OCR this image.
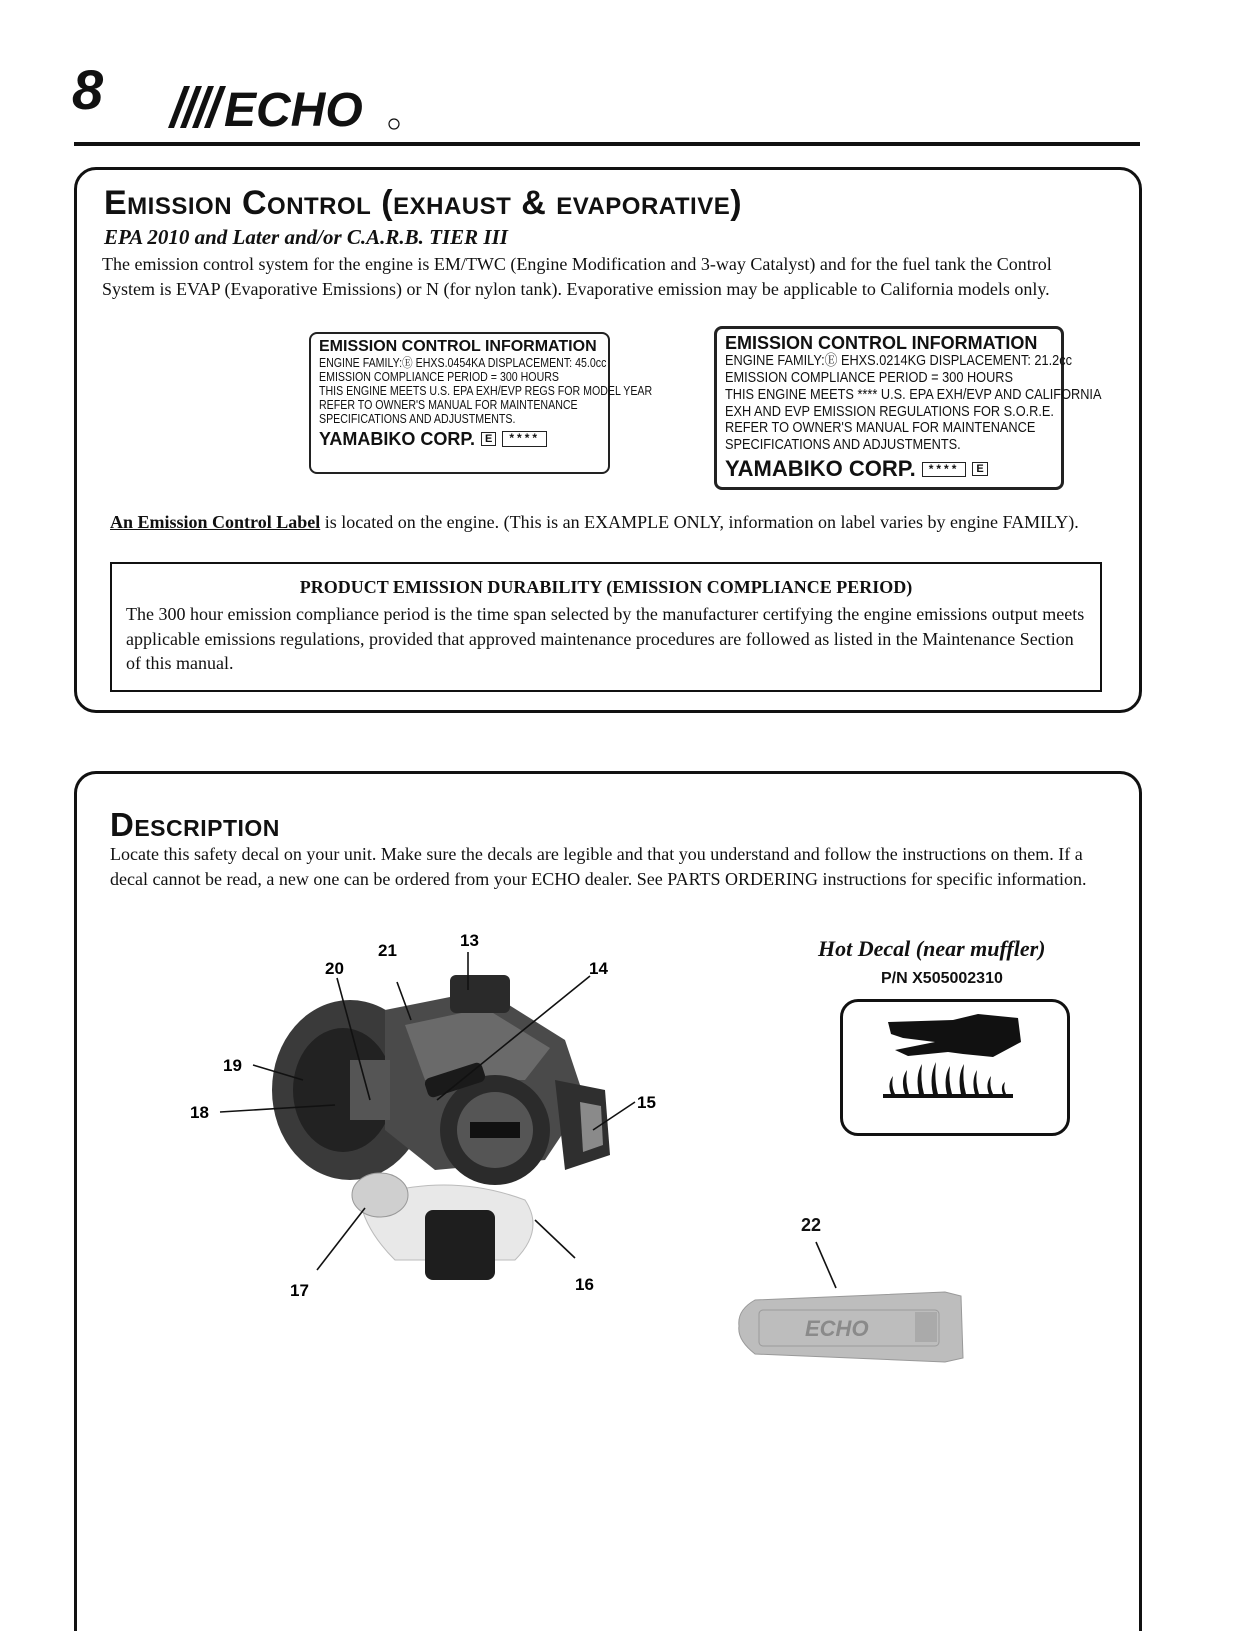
8	ECHO
Emission Control (exhaust & evaporative)
EPA 2010 and Later and/or C.A.R.B. TIER III
The emission control system for the engine is EM/TWC (Engine Modification and 3-way Catalyst) and for the fuel tank the Control System is EVAP (Evaporative Emissions) or N (for nylon tank). Evaporative emission may be applicable to California models only.
EMISSION CONTROL INFORMATION
ENGINE FAMILY:Ⓔ EHXS.0454KA DISPLACEMENT: 45.0cc
EMISSION COMPLIANCE PERIOD = 300 HOURS
THIS ENGINE MEETS U.S. EPA EXH/EVP REGS FOR MODEL YEAR
REFER TO OWNER'S MANUAL FOR MAINTENANCE
SPECIFICATIONS AND ADJUSTMENTS.
YAMABIKO CORP. E	****
EMISSION CONTROL INFORMATION
ENGINE FAMILY:Ⓔ EHXS.0214KG DISPLACEMENT: 21.2cc
EMISSION COMPLIANCE PERIOD = 300 HOURS
THIS ENGINE MEETS **** U.S. EPA EXH/EVP AND CALIFORNIA
EXH AND EVP EMISSION REGULATIONS FOR S.O.R.E.
REFER TO OWNER'S MANUAL FOR MAINTENANCE
SPECIFICATIONS AND ADJUSTMENTS.
YAMABIKO CORP.	****	E
An Emission Control Label is located on the engine. (This is an EXAMPLE ONLY, information on label varies by engine FAMILY).
PRODUCT EMISSION DURABILITY (EMISSION COMPLIANCE PERIOD)
The 300 hour emission compliance period is the time span selected by the manufacturer certifying the engine emissions output meets applicable emissions regulations, provided that approved maintenance procedures are followed as listed in the Maintenance Section of this manual.
Description
Locate this safety decal on your unit. Make sure the decals are legible and that you understand and follow the instructions on them. If a decal cannot be read, a new one can be ordered from your ECHO dealer. See PARTS ORDERING instructions for specific information.
21
13
20	14
19
18
15
17	16
Hot Decal (near muffler)
P/N X505002310
22
ECHO
